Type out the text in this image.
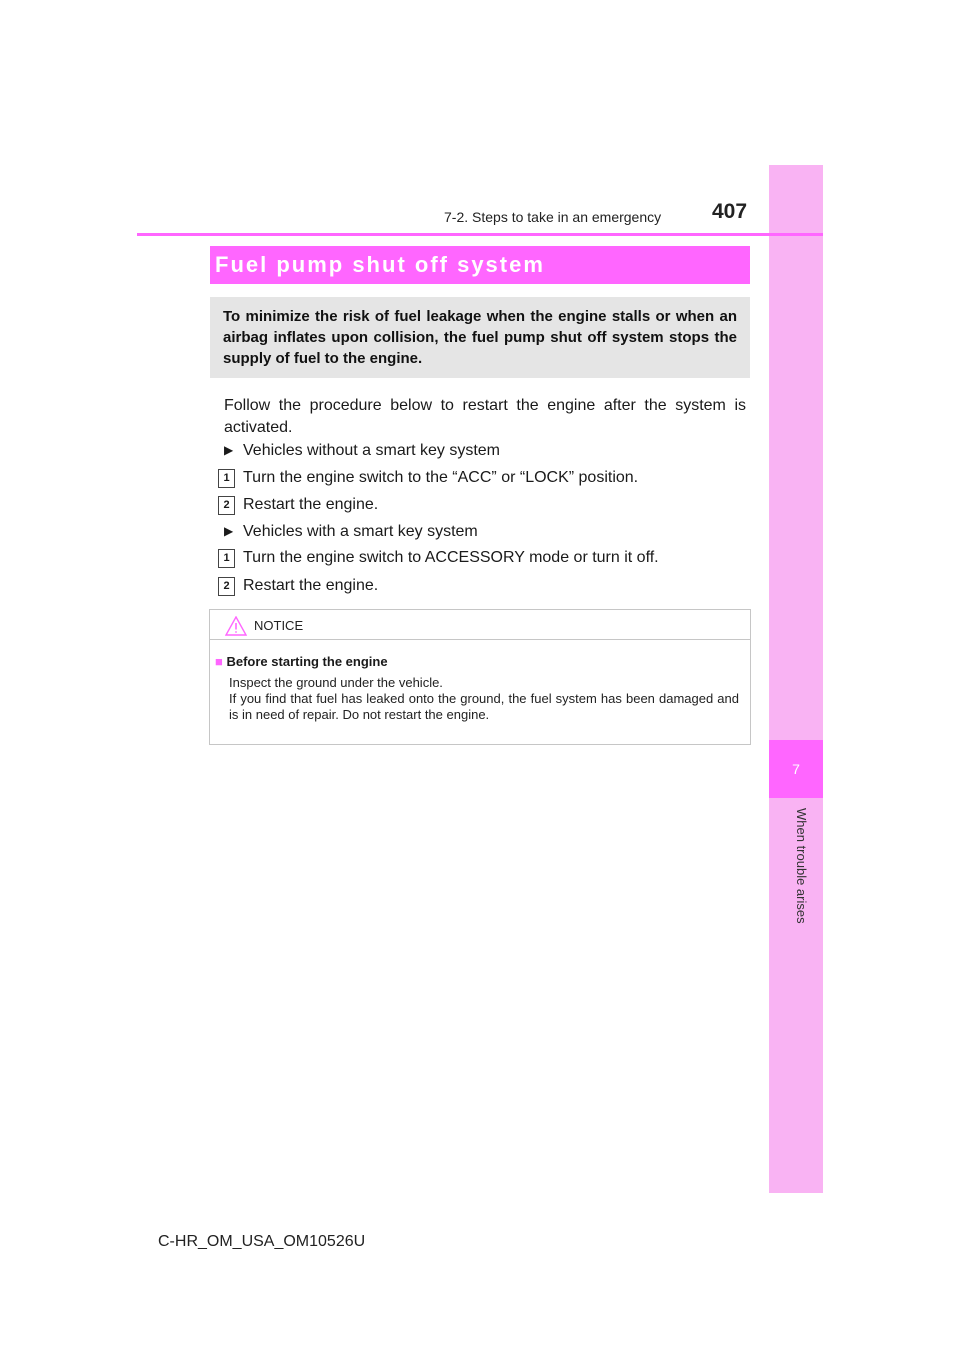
7
When trouble arises
7-2. Steps to take in an emergency	407
Fuel pump shut off system
To minimize the risk of fuel leakage when the engine stalls or when an airbag inflates upon collision, the fuel pump shut off system stops the supply of fuel to the engine.
Follow the procedure below to restart the engine after the system is activated.
▶ Vehicles without a smart key system
1 Turn the engine switch to the “ACC” or “LOCK” position.
2 Restart the engine.
▶ Vehicles with a smart key system
1 Turn the engine switch to ACCESSORY mode or turn it off.
2 Restart the engine.
NOTICE
■ Before starting the engine
Inspect the ground under the vehicle.
If you find that fuel has leaked onto the ground, the fuel system has been damaged and is in need of repair. Do not restart the engine.
C-HR_OM_USA_OM10526U
